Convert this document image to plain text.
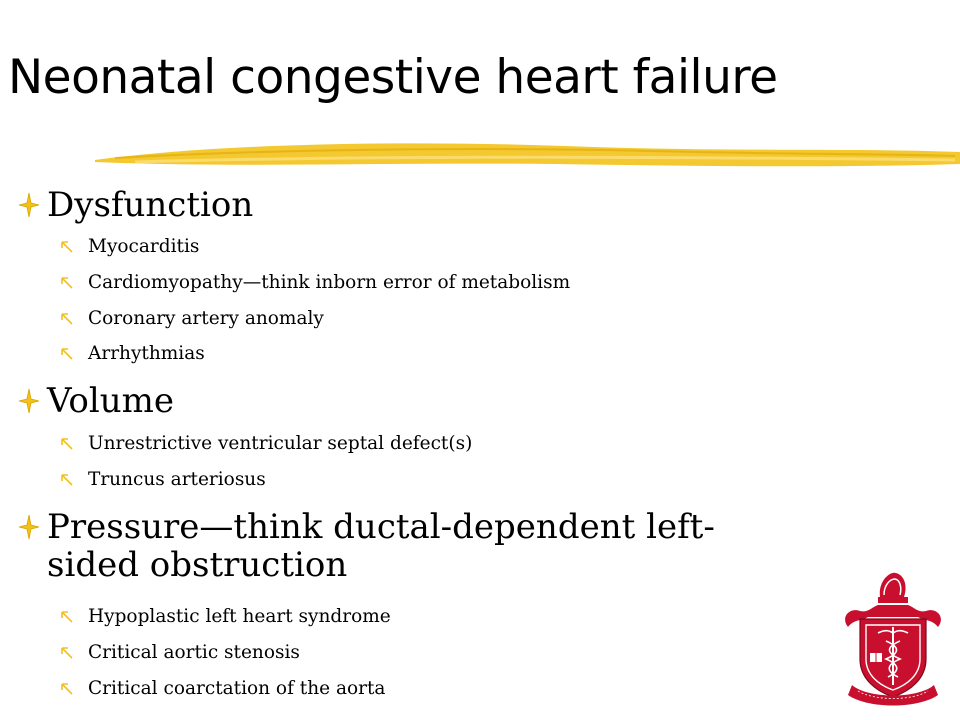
Neonatal congestive heart failure
Dysfunction
Myocarditis
Cardiomyopathy—think inborn error of metabolism
Coronary artery anomaly
Arrhythmias
Volume
Unrestrictive ventricular septal defect(s)
Truncus arteriosus
Pressure—think ductal-dependent left-sided obstruction
Hypoplastic left heart syndrome
Critical aortic stenosis
Critical coarctation of the aorta
